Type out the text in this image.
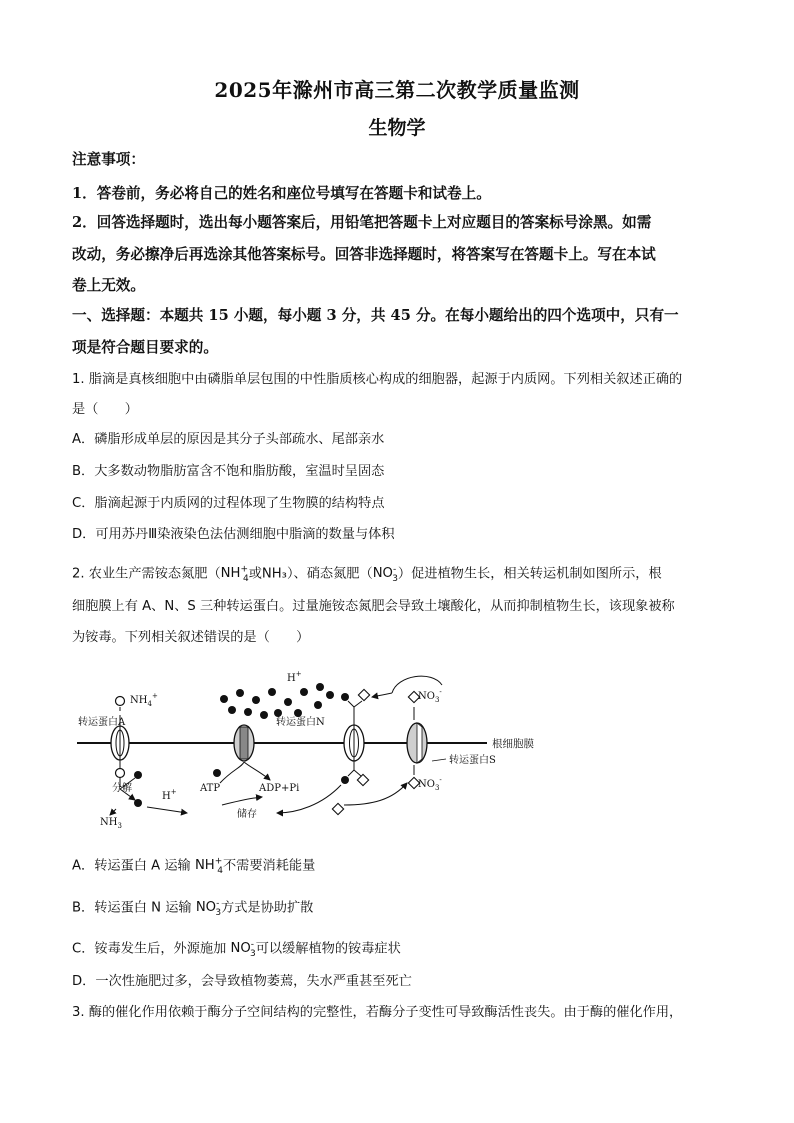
2025年滁州市高三第二次教学质量监测
生物学
注意事项：
1．答卷前，务必将自己的姓名和座位号填写在答题卡和试卷上。
2．回答选择题时，选出每小题答案后，用铅笔把答题卡上对应题目的答案标号涂黑。如需
改动，务必擦净后再选涂其他答案标号。回答非选择题时，将答案写在答题卡上。写在本试
卷上无效。
一、选择题：本题共 15 小题，每小题 3 分，共 45 分。在每小题给出的四个选项中，只有一
项是符合题目要求的。
1. 脂滴是真核细胞中由磷脂单层包围的中性脂质核心构成的细胞器，起源于内质网。下列相关叙述正确的
是（　　）
A．磷脂形成单层的原因是其分子头部疏水、尾部亲水
B．大多数动物脂肪富含不饱和脂肪酸，室温时呈固态
C．脂滴起源于内质网的过程体现了生物膜的结构特点
D．可用苏丹Ⅲ染液染色法估测细胞中脂滴的数量与体积
2. 农业生产需铵态氮肥（$NH^+_4$或NH₃）、硝态氮肥$(NO^-_3)$促进植物生长，相关转运机制如图所示，根
细胞膜上有 A、N、S 三种转运蛋白。过量施铵态氮肥会导致土壤酸化，从而抑制植物生长，该现象被称
为铵毒。下列相关叙述错误的是（　　）
根细胞膜
转运蛋白A
$NH_4^+$
分解
H+
$NH_3$
ATP	ADP+Pi
储存
H+
转运蛋白N
转运蛋白S
$NO_3^-$
$NO_3^-$
A．转运蛋白 A 运输 $NH^+_4$不需要消耗能量
B．转运蛋白 N 运输 $NO^-_3$方式是协助扩散
C．铵毒发生后，外源施加 $NO^-_3$可以缓解植物的铵毒症状
D．一次性施肥过多，会导致植物萎蔫，失水严重甚至死亡
3. 酶的催化作用依赖于酶分子空间结构的完整性，若酶分子变性可导致酶活性丧失。由于酶的催化作用，
